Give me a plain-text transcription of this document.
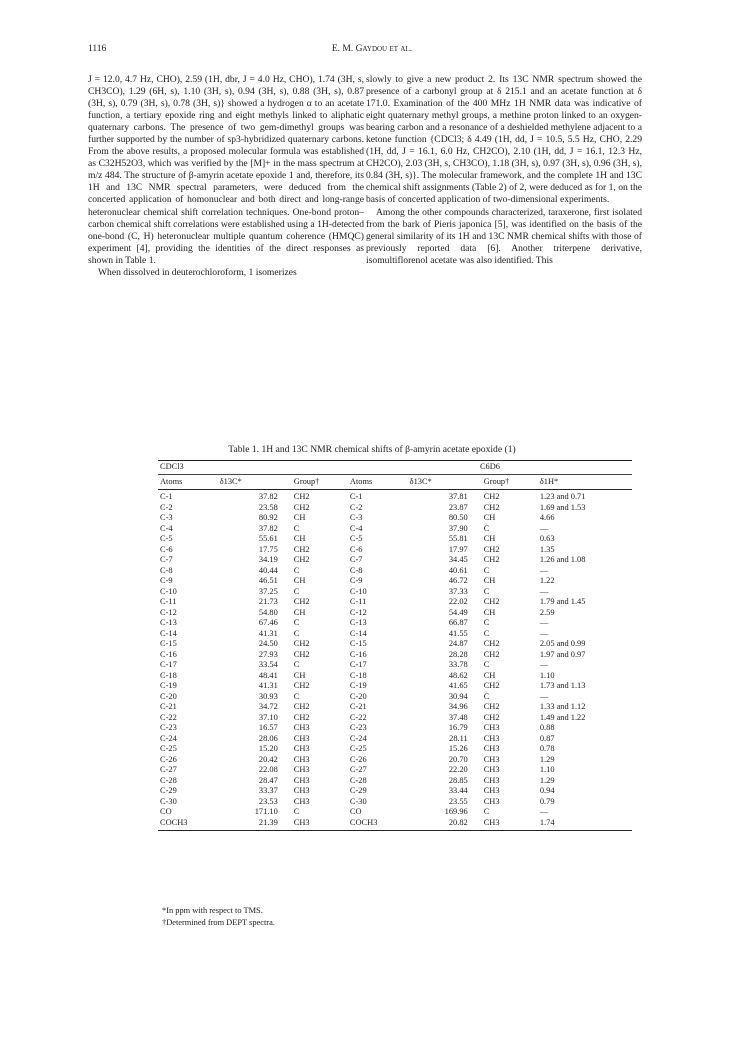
1116	E. M. Gaydou et al.

J = 12.0, 4.7 Hz, CHO), 2.59 (1H, dbr, J = 4.0 Hz, CHO), 1.74 (3H, s, CH3CO), 1.29 (6H, s), 1.10 (3H, s), 0.94 (3H, s), 0.88 (3H, s), 0.87 (3H, s), 0.79 (3H, s), 0.78 (3H, s)} showed a hydrogen α to an acetate function, a tertiary epoxide ring and eight methyls linked to aliphatic quaternary carbons. The presence of two gem-dimethyl groups was further supported by the number of sp3-hybridized quaternary carbons. From the above results, a proposed molecular formula was established as C32H52O3, which was verified by the [M]+ in the mass spectrum at m/z 484. The structure of β-amyrin acetate epoxide 1 and, therefore, its 1H and 13C NMR spectral parameters, were deduced from the concerted application of homonuclear and both direct and long-range heteronuclear chemical shift correlation techniques. One-bond proton–carbon chemical shift correlations were established using a 1H-detected one-bond (C, H) heteronuclear multiple quantum coherence (HMQC) experiment [4], providing the identities of the direct responses as shown in Table 1.

When dissolved in deuterochloroform, 1 isomerizes

slowly to give a new product 2. Its 13C NMR spectrum showed the presence of a carbonyl group at δ 215.1 and an acetate function at δ 171.0. Examination of the 400 MHz 1H NMR data was indicative of eight quaternary methyl groups, a methine proton linked to an oxygen-bearing carbon and a resonance of a deshielded methylene adjacent to a ketone function {CDCl3; δ 4.49 (1H, dd, J = 10.5, 5.5 Hz, CHO, 2.29 (1H, dd, J = 16.1, 6.0 Hz, CH2CO), 2.10 (1H, dd, J = 16.1, 12.3 Hz, CH2CO), 2.03 (3H, s, CH3CO), 1.18 (3H, s), 0.97 (3H, s), 0.96 (3H, s), 0.84 (3H, s)}. The molecular framework, and the complete 1H and 13C chemical shift assignments (Table 2) of 2, were deduced as for 1, on the basis of concerted application of two-dimensional experiments.

Among the other compounds characterized, taraxerone, first isolated from the bark of Pieris japonica [5], was identified on the basis of the general similarity of its 1H and 13C NMR chemical shifts with those of previously reported data [6]. Another triterpene derivative, isomultiflorenol acetate was also identified. This

Table 1. 1H and 13C NMR chemical shifts of β-amyrin acetate epoxide (1)
CDCl3			C6D6			
Atoms	δ13C*	Group†	Atoms	δ13C*	Group†	δ1H*
C-1	37.82	CH2	C-1	37.81	CH2	1.23 and 0.71
C-2	23.58	CH2	C-2	23.87	CH2	1.69 and 1.53
C-3	80.92	CH	C-3	80.50	CH	4.66
C-4	37.82	C	C-4	37.90	C	—
C-5	55.61	CH	C-5	55.81	CH	0.63
C-6	17.75	CH2	C-6	17.97	CH2	1.35
C-7	34.19	CH2	C-7	34.45	CH2	1.26 and 1.08
C-8	40.44	C	C-8	40.61	C	—
C-9	46.51	CH	C-9	46.72	CH	1.22
C-10	37.25	C	C-10	37.33	C	—
C-11	21.73	CH2	C-11	22.02	CH2	1.79 and 1.45
C-12	54.80	CH	C-12	54.49	CH	2.59
C-13	67.46	C	C-13	66.87	C	—
C-14	41.31	C	C-14	41.55	C	—
C-15	24.50	CH2	C-15	24.87	CH2	2.05 and 0.99
C-16	27.93	CH2	C-16	28.28	CH2	1.97 and 0.97
C-17	33.54	C	C-17	33.78	C	—
C-18	48.41	CH	C-18	48.62	CH	1.10
C-19	41.31	CH2	C-19	41.65	CH2	1.73 and 1.13
C-20	30.93	C	C-20	30.94	C	—
C-21	34.72	CH2	C-21	34.96	CH2	1.33 and 1.12
C-22	37.10	CH2	C-22	37.48	CH2	1.49 and 1.22
C-23	16.57	CH3	C-23	16.79	CH3	0.88
C-24	28.06	CH3	C-24	28.11	CH3	0.87
C-25	15.20	CH3	C-25	15.26	CH3	0.78
C-26	20.42	CH3	C-26	20.70	CH3	1.29
C-27	22.08	CH3	C-27	22.20	CH3	1.10
C-28	28.47	CH3	C-28	28.85	CH3	1.29
C-29	33.37	CH3	C-29	33.44	CH3	0.94
C-30	23.53	CH3	C-30	23.55	CH3	0.79
CO	171.10	C	CO	169.96	C	—
COCH3	21.39	CH3	COCH3	20.82	CH3	1.74
*In ppm with respect to TMS.
†Determined from DEPT spectra.
